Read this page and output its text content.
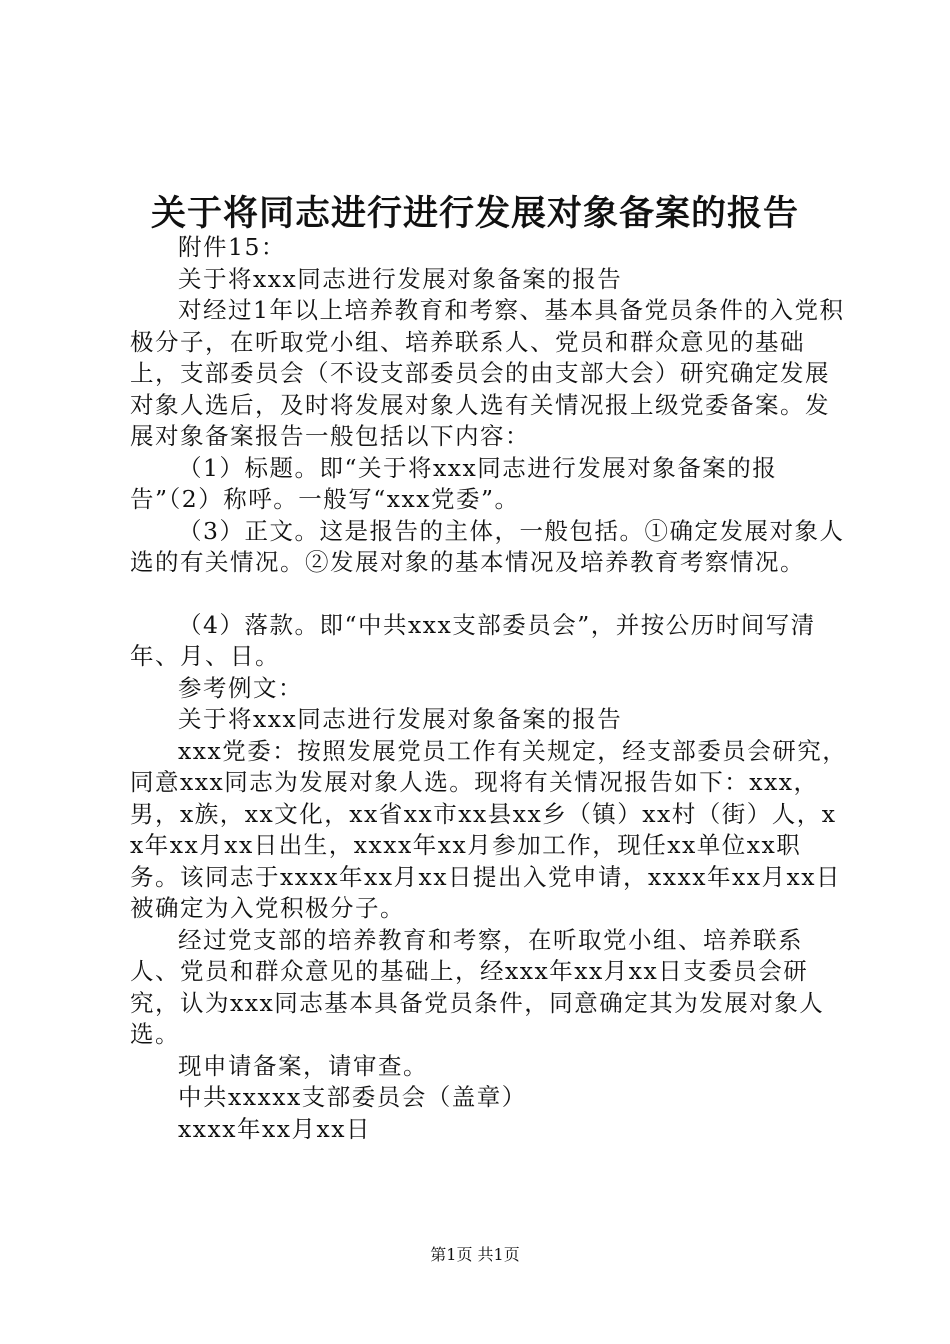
关于将同志进行进行发展对象备案的报告

附件15：

关于将xxx同志进行发展对象备案的报告

对经过1年以上培养教育和考察、基本具备党员条件的入党积极分子，在听取党小组、培养联系人、党员和群众意见的基础上，支部委员会（不设支部委员会的由支部大会）研究确定发展对象人选后，及时将发展对象人选有关情况报上级党委备案。发展对象备案报告一般包括以下内容：

（1）标题。即“关于将xxx同志进行发展对象备案的报告”（2）称呼。一般写“xxx党委”。

（3）正文。这是报告的主体，一般包括。①确定发展对象人选的有关情况。②发展对象的基本情况及培养教育考察情况。

（4）落款。即“中共xxx支部委员会”，并按公历时间写清年、月、日。

参考例文：

关于将xxx同志进行发展对象备案的报告

xxx党委：按照发展党员工作有关规定，经支部委员会研究，同意xxx同志为发展对象人选。现将有关情况报告如下：xxx，男，x族，xx文化，xx省xx市xx县xx乡（镇）xx村（街）人，xx年xx月xx日出生，xxxx年xx月参加工作，现任xx单位xx职务。该同志于xxxx年xx月xx日提出入党申请，xxxx年xx月xx日被确定为入党积极分子。

经过党支部的培养教育和考察，在听取党小组、培养联系人、党员和群众意见的基础上，经xxx年xx月xx日支委员会研究，认为xxx同志基本具备党员条件，同意确定其为发展对象人选。

现申请备案，请审查。

中共xxxxx支部委员会（盖章）

xxxx年xx月xx日

第1页 共1页
